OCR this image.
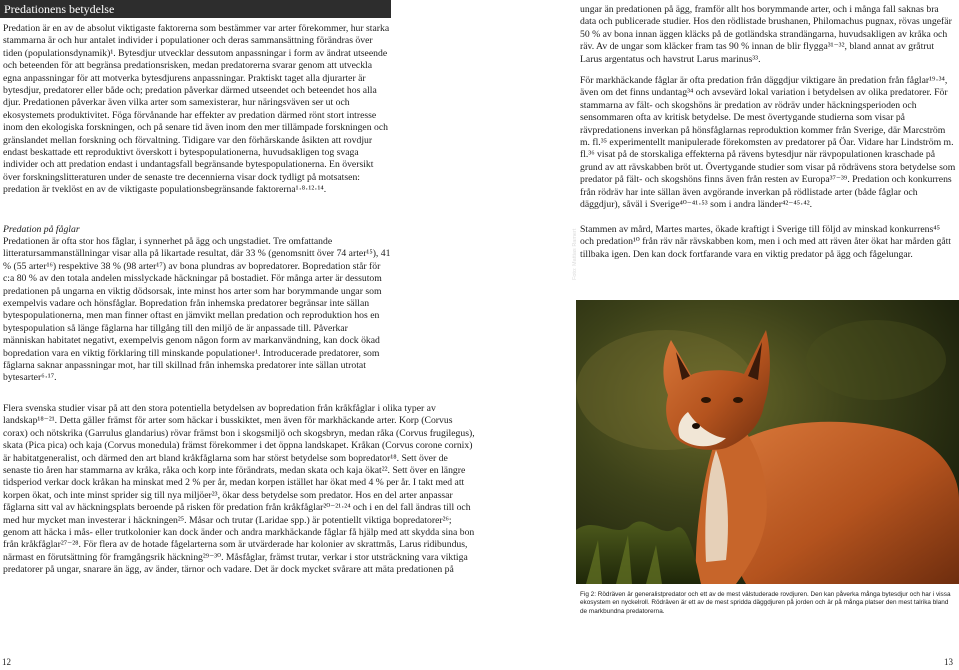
Predationens betydelse

Predation är en av de absolut viktigaste faktorerna som bestämmer var arter förekommer, hur starka stammarna är och hur antalet individer i populationer och deras sammansättning förändras över tiden (populationsdynamik)¹. Bytesdjur utvecklar dessutom anpassningar i form av ändrat utseende och beteenden för att begränsa predationsrisken, medan predatorerna svarar genom att utveckla egna anpassningar för att motverka bytesdjurens anpassningar. Praktiskt taget alla djurarter är bytesdjur, predatorer eller både och; predation påverkar därmed utseendet och beteendet hos alla djur. Predationen påverkar även vilka arter som samexisterar, hur näringsväven ser ut och ekosystemets produktivitet. Föga förvånande har effekter av predation därmed rönt stort intresse inom den ekologiska forskningen, och på senare tid även inom den mer tillämpade forskningen och gränslandet mellan forskning och förvaltning. Tidigare var den förhärskande åsikten att rovdjur endast beskattade ett reproduktivt överskott i bytespopulationerna, huvudsakligen tog svaga individer och att predation endast i undantagsfall begränsande bytespopulationerna. En översikt över forskningslitteraturen under de senaste tre decennierna visar dock tydligt på motsatsen: predation är tveklöst en av de viktigaste populationsbegränsande faktorerna¹·⁸·¹²·¹⁴.

Predation på fåglar

Predationen är ofta stor hos fåglar, i synnerhet på ägg och ungstadiet. Tre omfattande litteratursammanställningar visar alla på likartade resultat, där 33 % (genomsnitt över 74 arter¹⁵), 41 % (55 arter¹⁶) respektive 38 % (98 arter¹⁷) av bona plundras av bopredatorer. Bopredation står för c:a 80 % av den totala andelen misslyckade häckningar på bostadiet. För många arter är dessutom predationen på ungarna en viktig dödsorsak, inte minst hos arter som har borymmande ungar som exempelvis vadare och hönsfåglar. Bopredation från inhemska predatorer begränsar inte sällan bytespopulationerna, men man finner oftast en jämvikt mellan predation och reproduktion hos en bytespopulation så länge fåglarna har tillgång till den miljö de är anpassade till. Påverkar människan habitatet negativt, exempelvis genom någon form av markanvändning, kan dock ökad bopredation vara en viktig förklaring till minskande populationer¹. Introducerade predatorer, som fåglarna saknar anpassningar mot, har till skillnad från inhemska predatorer inte sällan utrotat bytesarter⁶·¹⁷.

Flera svenska studier visar på att den stora potentiella betydelsen av bopredation från kråkfåglar i olika typer av landskap¹⁸⁻²¹. Detta gäller främst för arter som häckar i busskiktet, men även för markhäckande arter. Korp (Corvus corax) och nötskrika (Garrulus glandarius) rövar främst bon i skogsmiljö och skogsbryn, medan råka (Corvus frugilegus), skata (Pica pica) och kaja (Corvus monedula) främst förekommer i det öppna landskapet. Kråkan (Corvus corone cornix) är habitatgeneralist, och därmed den art bland kråkfåglarna som har störst betydelse som bopredator¹⁸. Sett över de senaste tio åren har stammarna av kråka, råka och korp inte förändrats, medan skata och kaja ökat²². Sett över en längre tidsperiod verkar dock kråkan ha minskat med 2 % per år, medan korpen istället har ökat med 4 % per år. I takt med att korpen ökat, och inte minst sprider sig till nya miljöer²³, ökar dess betydelse som predator. Hos en del arter anpassar fåglarna sitt val av häckningsplats beroende på risken för predation från kråkfåglar²⁰⁻²¹·²⁴ och i en del fall ändras till och med hur mycket man investerar i häckningen²⁵. Måsar och trutar (Laridae spp.) är potentiellt viktiga bopredatorer²⁶; genom att häcka i mås- eller trutkolonier kan dock änder och andra markhäckande fåglar få hjälp med att skydda sina bon från kråkfåglar²⁷⁻²⁸. För flera av de hotade fågelarterna som är utvärderade har kolonier av skrattmås, Larus ridibundus, närmast en förutsättning för framgångsrik häckning²⁹⁻³⁰. Måsfåglar, främst trutar, verkar i stor utsträckning vara viktiga predatorer på ungar, snarare än ägg, av änder, tärnor och vadare. Det är dock mycket svårare att mäta predationen på

12

ungar än predationen på ägg, framför allt hos borymmande arter, och i många fall saknas bra data och publicerade studier. Hos den rödlistade brushanen, Philomachus pugnax, rövas ungefär 50 % av bona innan äggen kläcks på de gotländska strandängarna, huvudsakligen av kråka och räv. Av de ungar som kläcker fram tas 90 % innan de blir flygga³¹⁻³², bland annat av gråtrut Larus argentatus och havstrut Larus marinus³³.

För markhäckande fåglar är ofta predation från däggdjur viktigare än predation från fåglar¹⁹·³⁴, även om det finns undantag³⁴ och avsevärd lokal variation i betydelsen av olika predatorer. För stammarna av fält- och skogshöns är predation av rödräv under häckningsperioden och sensommaren ofta av kritisk betydelse. De mest övertygande studierna som visar på rävpredationens inverkan på hönsfåglarnas reproduktion kommer från Sverige, där Marcström m. fl.³⁵ experimentellt manipulerade förekomsten av predatorer på Öar. Vidare har Lindström m. fl.³⁶ visat på de storskaliga effekterna på rävens bytesdjur när rävpopulationen kraschade på grund av att rävskabben bröt ut. Övertygande studier som visar på rödrävens stora betydelse som predator på fält- och skogshöns finns även från resten av Europa³⁷⁻³⁹. Predation och konkurrens från rödräv har inte sällan även avgörande inverkan på rödlistade arter (både fåglar och däggdjur), såväl i Sverige⁴⁰⁻⁴¹·⁵³ som i andra länder⁴²⁻⁴⁵·⁴².

Stammen av mård, Martes martes, ökade kraftigt i Sverige till följd av minskad konkurrens⁴⁵ och predation¹⁰ från räv när rävskabben kom, men i och med att räven åter ökat har mården gått tillbaka igen. Den kan dock fortfarande vara en viktig predator på ägg och fågelungar.

Foto: Mattias Ramert

Fig 2: Rödräven är generalistpredator och ett av de mest välstuderade rovdjuren. Den kan påverka många bytesdjur och har i vissa ekosystem en nyckelroll. Rödräven är ett av de mest spridda däggdjuren på jorden och är på många platser den mest talrika bland de markbundna predatorerna.

13
